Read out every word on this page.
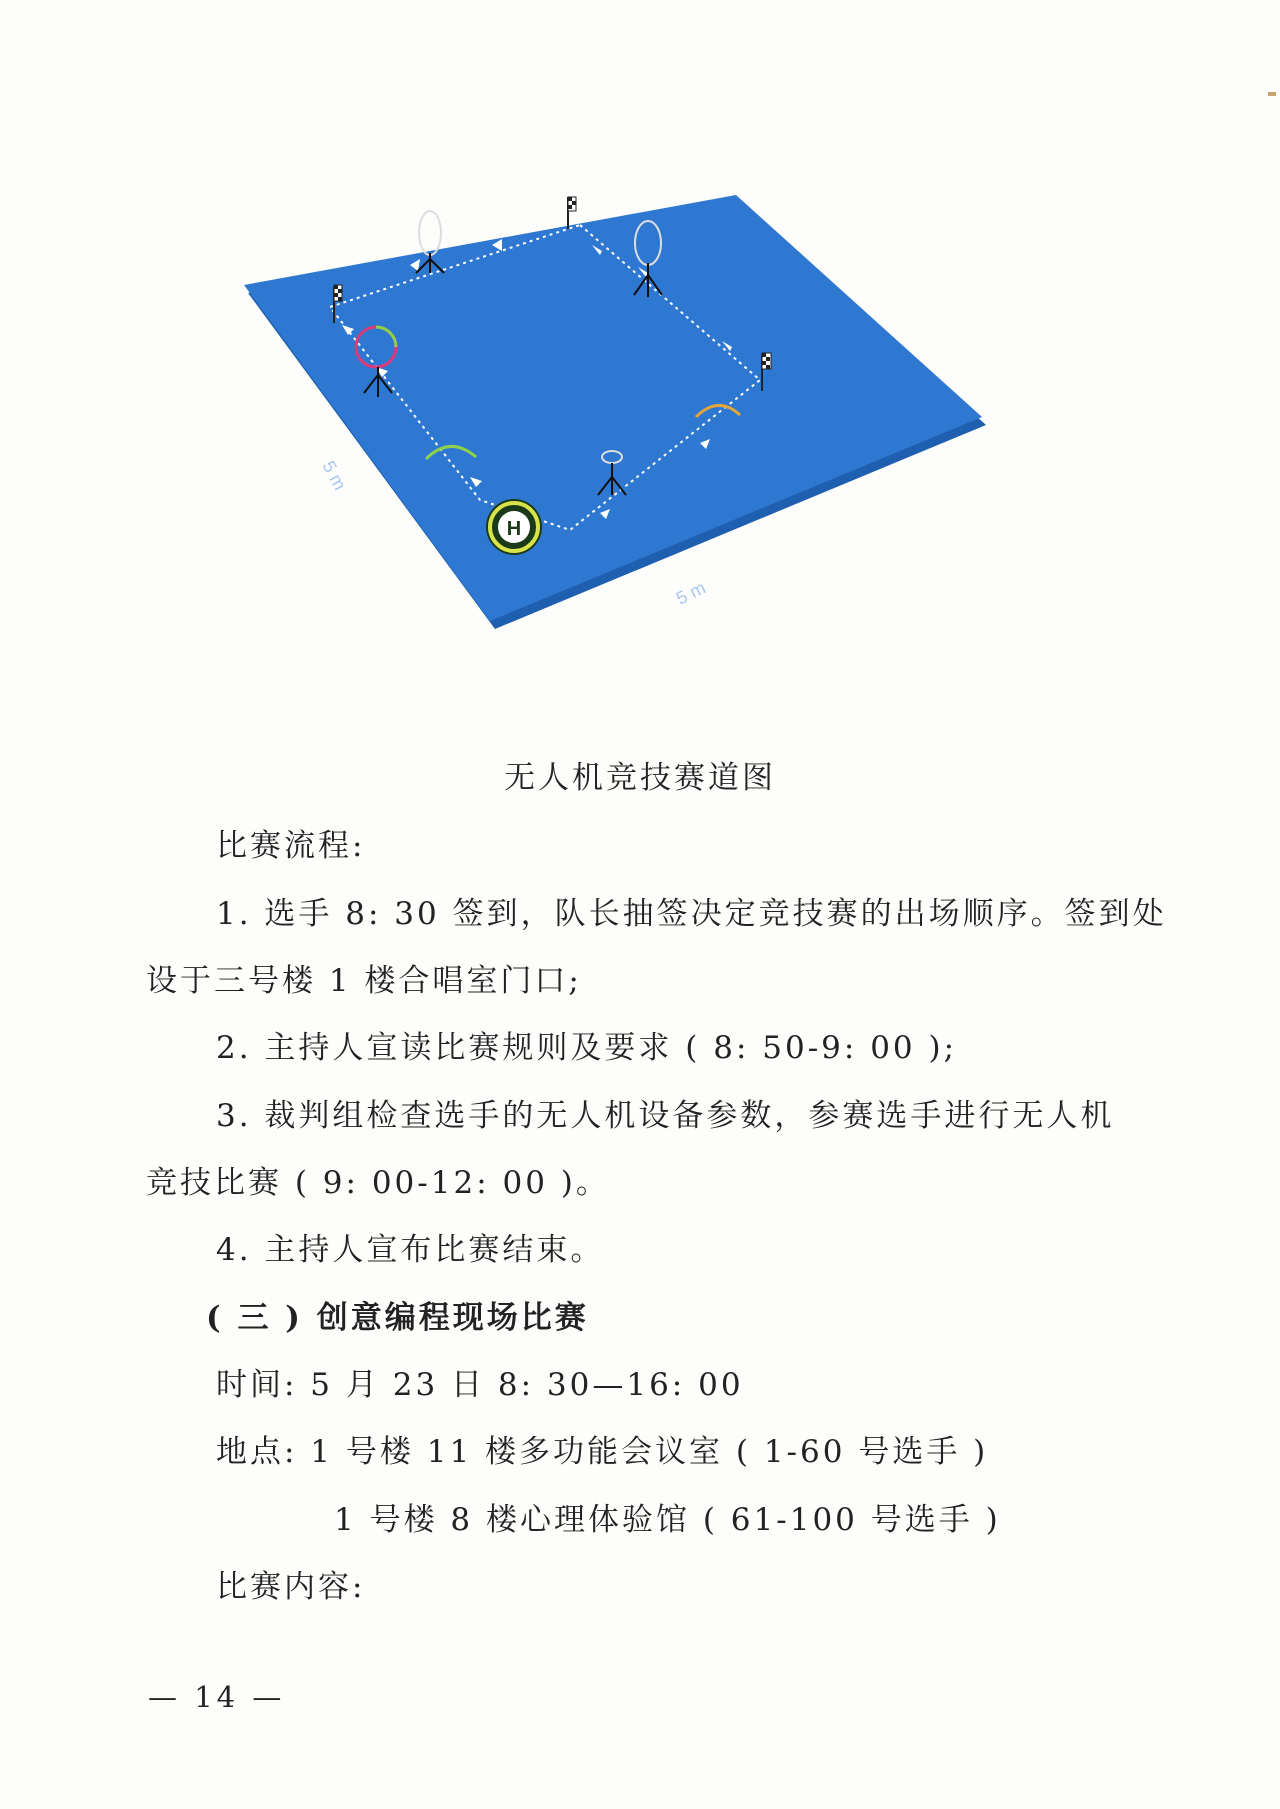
H
5 m
5 m
无人机竞技赛道图
比赛流程:
1. 选手 8: 30 签到，队长抽签决定竞技赛的出场顺序。签到处
设于三号楼 1 楼合唱室门口;
2. 主持人宣读比赛规则及要求 ( 8: 50-9: 00 );
3. 裁判组检查选手的无人机设备参数，参赛选手进行无人机
竞技比赛 ( 9: 00-12: 00 )。
4. 主持人宣布比赛结束。
( 三 ) 创意编程现场比赛
时间: 5 月 23 日 8: 30—16: 00
地点: 1 号楼 11 楼多功能会议室 ( 1-60 号选手 )
1 号楼 8 楼心理体验馆 ( 61-100 号选手 )
比赛内容:
— 14 —
